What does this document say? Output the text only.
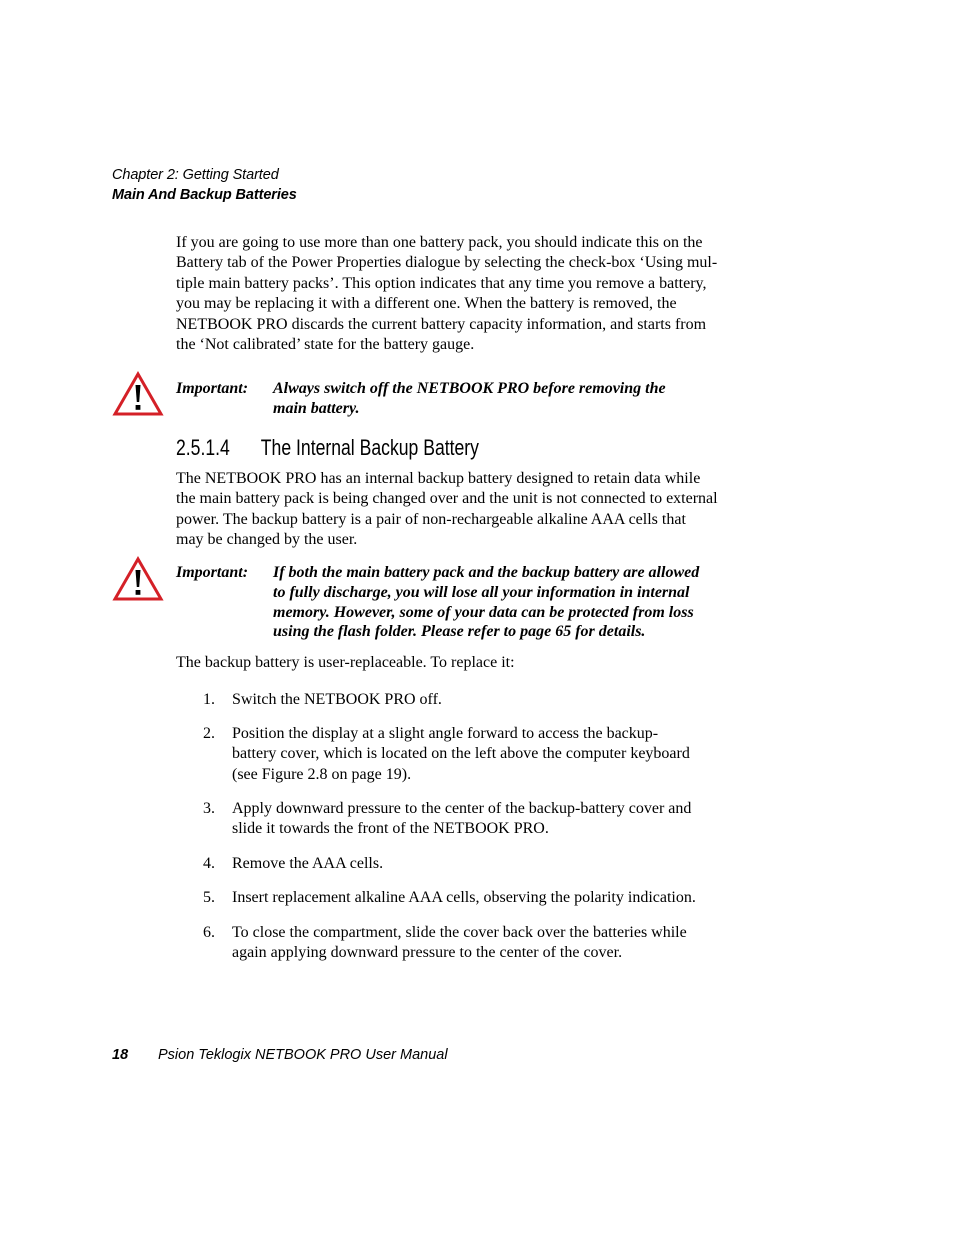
Chapter 2: Getting Started
Main And Backup Batteries
If you are going to use more than one battery pack, you should indicate this on the
Battery tab of the Power Properties dialogue by selecting the check-box ‘Using mul-
tiple main battery packs’. This option indicates that any time you remove a battery,
you may be replacing it with a different one. When the battery is removed, the
NETBOOK PRO discards the current battery capacity information, and starts from
the ‘Not calibrated’ state for the battery gauge.
Important: Always switch off the NETBOOK PRO before removing the
main battery.
2.5.1.4 The Internal Backup Battery
The NETBOOK PRO has an internal backup battery designed to retain data while
the main battery pack is being changed over and the unit is not connected to external
power. The backup battery is a pair of non-rechargeable alkaline AAA cells that
may be changed by the user.
Important: If both the main battery pack and the backup battery are allowed
to fully discharge, you will lose all your information in internal
memory. However, some of your data can be protected from loss
using the flash folder. Please refer to page 65 for details.
The backup battery is user-replaceable. To replace it:
1. Switch the NETBOOK PRO off.
2. Position the display at a slight angle forward to access the backup-
battery cover, which is located on the left above the computer keyboard
(see Figure 2.8 on page 19).
3. Apply downward pressure to the center of the backup-battery cover and
slide it towards the front of the NETBOOK PRO.
4. Remove the AAA cells.
5. Insert replacement alkaline AAA cells, observing the polarity indication.
6. To close the compartment, slide the cover back over the batteries while
again applying downward pressure to the center of the cover.
18 Psion Teklogix NETBOOK PRO User Manual
